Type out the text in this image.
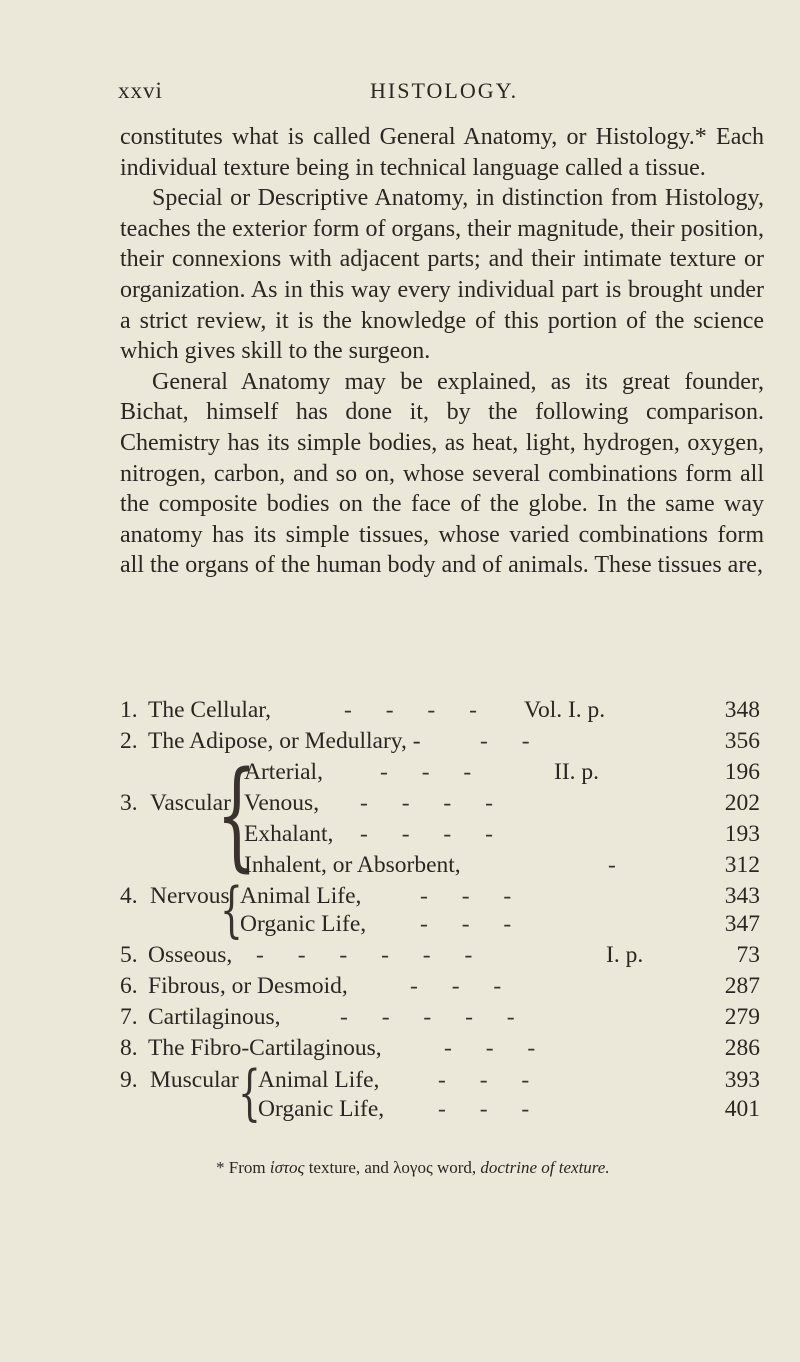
xxvi	HISTOLOGY.

constitutes what is called General Anatomy, or Histology.* Each individual texture being in technical language called a tissue.

Special or Descriptive Anatomy, in distinction from Histology, teaches the exterior form of organs, their magnitude, their position, their connexions with adjacent parts; and their intimate texture or organization. As in this way every individual part is brought under a strict review, it is the knowledge of this portion of the science which gives skill to the surgeon.

General Anatomy may be explained, as its great founder, Bichat, himself has done it, by the following comparison. Chemistry has its simple bodies, as heat, light, hydrogen, oxygen, nitrogen, carbon, and so on, whose several combinations form all the composite bodies on the face of the globe. In the same way anatomy has its simple tissues, whose varied combinations form all the organs of the human body and of animals. These tissues are,

1. The Cellular,	- - - - Vol. I. p.	348
2. The Adipose, or Medullary, -	- -	356
{
Arterial, - - -	II. p.	196
3. Vascular Venous, - - - -	202
Exhalant, - - - -	193
Inhalent, or Absorbent,	-	312
{
4. Nervous Animal Life, - - -	343
Organic Life, - - -	347
5. Osseous, - - - - - -	I. p.	73
6. Fibrous, or Desmoid,	- - -	287
7. Cartilaginous,	- - - - -	279
8. The Fibro-Cartilaginous,	- - -	286
{
9. Muscular Animal Life, - - -	393
Organic Life, - - -	401
* From ἱστος texture, and λογος word, doctrine of texture.
